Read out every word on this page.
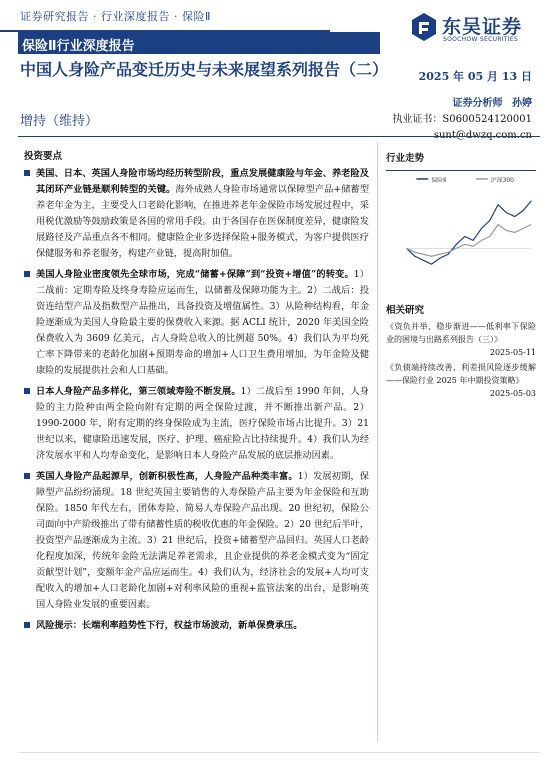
证券研究报告 · 行业深度报告 · 保险Ⅱ
保险Ⅱ行业深度报告
东吴证券
SOOCHOW SECURITIES
中国人身险产品变迁历史与未来展望系列报告（二）	2025 年 05 月 13 日
增持（维持）
证券分析师 孙婷
执业证书：S0600524120001
投资要点
美国、日本、英国人身险市场均经历转型阶段，重点发展健康险与年金、养老险及其闭环产业链是顺利转型的关键。海外成熟人身险市场通常以保障型产品+储蓄型养老年金为主，主要受人口老龄化影响，在推进养老年金保险市场发展过程中，采用税优激励等鼓励政策是各国的常用手段。由于各国存在医保制度差异，健康险发展路径及产品重点各不相同。健康险企业多选择保险+服务模式，为客户提供医疗保健服务和养老服务，构建产业链，提高附加值。
美国人身险业密度领先全球市场，完成“储蓄+保障”到“投资+增值”的转变。1）二战前：定期寿险及终身寿险应运而生，以储蓄及保障功能为主。2）二战后：投资连结型产品及指数型产品推出，具备投资及增值属性。3）从险种结构看，年金险逐渐成为美国人身险最主要的保费收入来源。据 ACLI 统计，2020 年美国全险保费收入为 3609 亿美元，占人身险总收入的比例超 50%。4）我们认为平均死亡率下降带来的老龄化加剧+预期寿命的增加+人口卫生费用增加，为年金险及健康险的发展提供社会和人口基础。
日本人身险产品多样化，第三领域寿险不断发展。1）二战后至 1990 年间，人身险的主力险种由两全险向附有定期的两全保险过渡，并不断推出新产品。2）1990-2000 年，附有定期的终身保险成为主流，医疗保险市场占比提升。3）21 世纪以来，健康险迅速发展，医疗、护理、癌症险占比持续提升。4）我们认为经济发展水平和人均寿命变化，是影响日本人身险产品发展的底层推动因素。
英国人身险产品起源早，创新积极性高，人身险产品种类丰富。1）发展初期，保障型产品纷纷涌现。18 世纪英国主要销售的人寿保险产品主要为年金保险和互助保险。1850 年代左右，团体寿险、简易人寿保险产品出现。20 世纪初，保险公司面向中产阶级推出了带有储蓄性质的税收优惠的年金保险。2）20 世纪后半叶，投资型产品逐渐成为主流。3）21 世纪后，投资+储蓄型产品回归。英国人口老龄化程度加深，传统年金险无法满足养老需求，且企业提供的养老金模式变为“固定贡献型计划”，变额年金产品应运而生。4）我们认为，经济社会的发展+人均可支配收入的增加+人口老龄化加剧+对利率风险的重视+监管法案的出台，是影响英国人身险业发展的重要因素。
风险提示：长端利率趋势性下行，权益市场波动，新单保费承压。
行业走势
保险Ⅱ	沪深300
相关研究
《资负并举、稳步渐进——低利率下保险业的困境与出路系列报告（三）》
2025-05-11
《负债端持续改善，利差损风险逐步缓解——保险行业 2025 年中期投资策略》
2025-05-03
